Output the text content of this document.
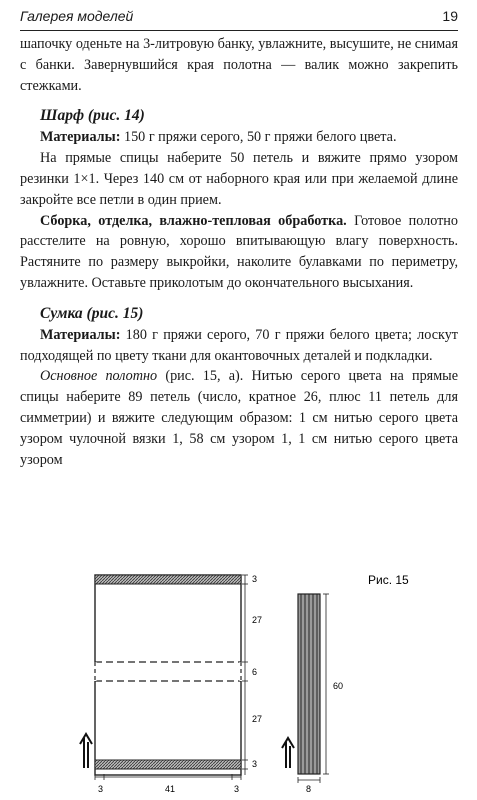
Галерея моделей	19

шапочку оденьте на 3-литровую банку, увлажните, высушите, не снимая с банки. Завернувшийся края полотна — валик можно закрепить стежками.

Шарф (рис. 14)

Материалы: 150 г пряжи серого, 50 г пряжи белого цвета.

На прямые спицы наберите 50 петель и вяжите прямо узором резинки 1×1. Через 140 см от наборного края или при желаемой длине закройте все петли в один прием.

Сборка, отделка, влажно-тепловая обработка. Готовое полотно расстелите на ровную, хорошо впитывающую влагу поверхность. Растяните по размеру выкройки, наколите булавками по периметру, увлажните. Оставьте приколотым до окончательного высыхания.

Сумка (рис. 15)

Материалы: 180 г пряжи серого, 70 г пряжи белого цвета; лоскут подходящей по цвету ткани для окантовочных деталей и подкладки.

Основное полотно (рис. 15, а). Нитью серого цвета на прямые спицы наберите 89 петель (число, кратное 26, плюс 11 петель для симметрии) и вяжите следующим образом: 1 см нитью серого цвета узором чулочной вязки 1, 58 см узором 1, 1 см нитью серого цвета узором

3
27
6
27
3
3	41	3
60
8
Рис. 15
